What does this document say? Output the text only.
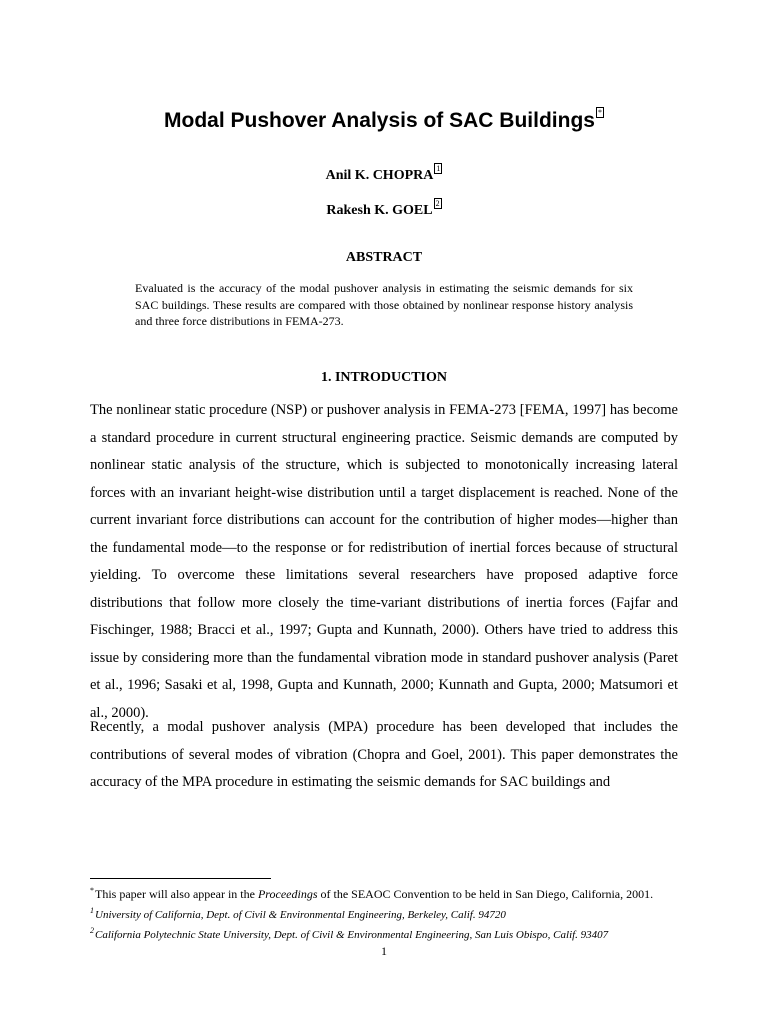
Modal Pushover Analysis of SAC Buildings *
Anil K. CHOPRA 1
Rakesh K. GOEL 2
ABSTRACT
Evaluated is the accuracy of the modal pushover analysis in estimating the seismic demands for six SAC buildings. These results are compared with those obtained by nonlinear response history analysis and three force distributions in FEMA-273.
1. INTRODUCTION

The nonlinear static procedure (NSP) or pushover analysis in FEMA-273 [FEMA, 1997] has become a standard procedure in current structural engineering practice. Seismic demands are computed by nonlinear static analysis of the structure, which is subjected to monotonically increasing lateral forces with an invariant height-wise distribution until a target displacement is reached. None of the current invariant force distributions can account for the contribution of higher modes—higher than the fundamental mode—to the response or for redistribution of inertial forces because of structural yielding. To overcome these limitations several researchers have proposed adaptive force distributions that follow more closely the time-variant distributions of inertia forces (Fajfar and Fischinger, 1988; Bracci et al., 1997; Gupta and Kunnath, 2000). Others have tried to address this issue by considering more than the fundamental vibration mode in standard pushover analysis (Paret et al., 1996; Sasaki et al, 1998, Gupta and Kunnath, 2000; Kunnath and Gupta, 2000; Matsumori et al., 2000).

Recently, a modal pushover analysis (MPA) procedure has been developed that includes the contributions of several modes of vibration (Chopra and Goel, 2001). This paper demonstrates the accuracy of the MPA procedure in estimating the seismic demands for SAC buildings and

*This paper will also appear in the Proceedings of the SEAOC Convention to be held in San Diego, California, 2001.
$^1$University of California, Dept. of Civil & Environmental Engineering, Berkeley, Calif. 94720
$^2$California Polytechnic State University, Dept. of Civil & Environmental Engineering, San Luis Obispo, Calif. 93407
1
